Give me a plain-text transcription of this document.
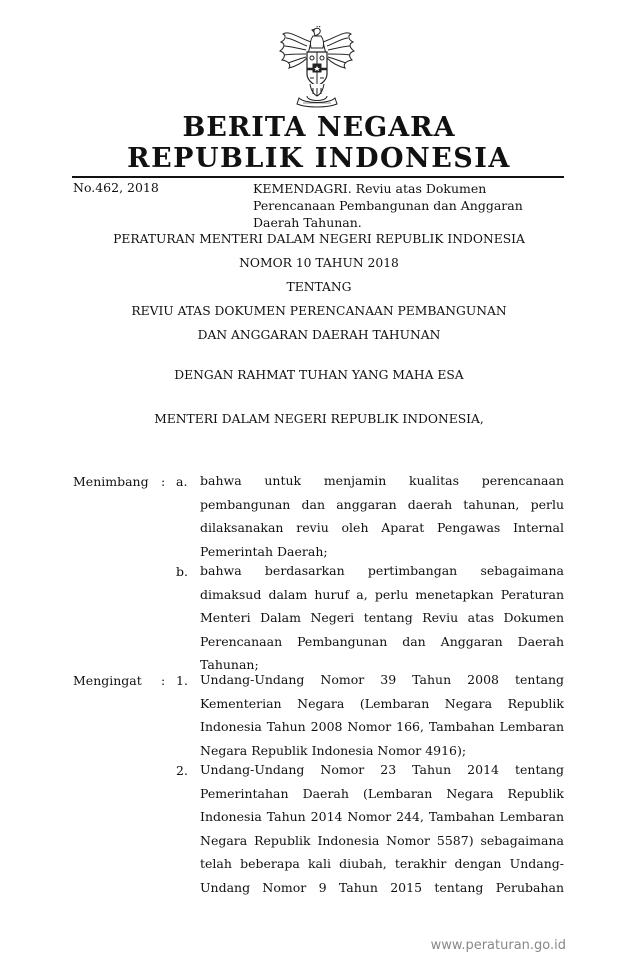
BERITA NEGARA
REPUBLIK INDONESIA
No.462, 2018	KEMENDAGRI. Reviu atas Dokumen Perencanaan Pembangunan dan Anggaran Daerah Tahunan.
PERATURAN MENTERI DALAM NEGERI REPUBLIK INDONESIA
NOMOR 10 TAHUN 2018
TENTANG
REVIU ATAS DOKUMEN PERENCANAAN PEMBANGUNAN
DAN ANGGARAN DAERAH TAHUNAN
DENGAN RAHMAT TUHAN YANG MAHA ESA
MENTERI DALAM NEGERI REPUBLIK INDONESIA,
Menimbang : a. bahwa untuk menjamin kualitas perencanaan pembangunan dan anggaran daerah tahunan, perlu dilaksanakan reviu oleh Aparat Pengawas Internal Pemerintah Daerah;
b. bahwa berdasarkan pertimbangan sebagaimana dimaksud dalam huruf a, perlu menetapkan Peraturan Menteri Dalam Negeri tentang Reviu atas Dokumen Perencanaan Pembangunan dan Anggaran Daerah Tahunan;
Mengingat : 1. Undang-Undang Nomor 39 Tahun 2008 tentang Kementerian Negara (Lembaran Negara Republik Indonesia Tahun 2008 Nomor 166, Tambahan Lembaran Negara Republik Indonesia Nomor 4916);
2. Undang-Undang Nomor 23 Tahun 2014 tentang Pemerintahan Daerah (Lembaran Negara Republik Indonesia Tahun 2014 Nomor 244, Tambahan Lembaran Negara Republik Indonesia Nomor 5587) sebagaimana telah beberapa kali diubah, terakhir dengan Undang-Undang Nomor 9 Tahun 2015 tentang Perubahan
www.peraturan.go.id
